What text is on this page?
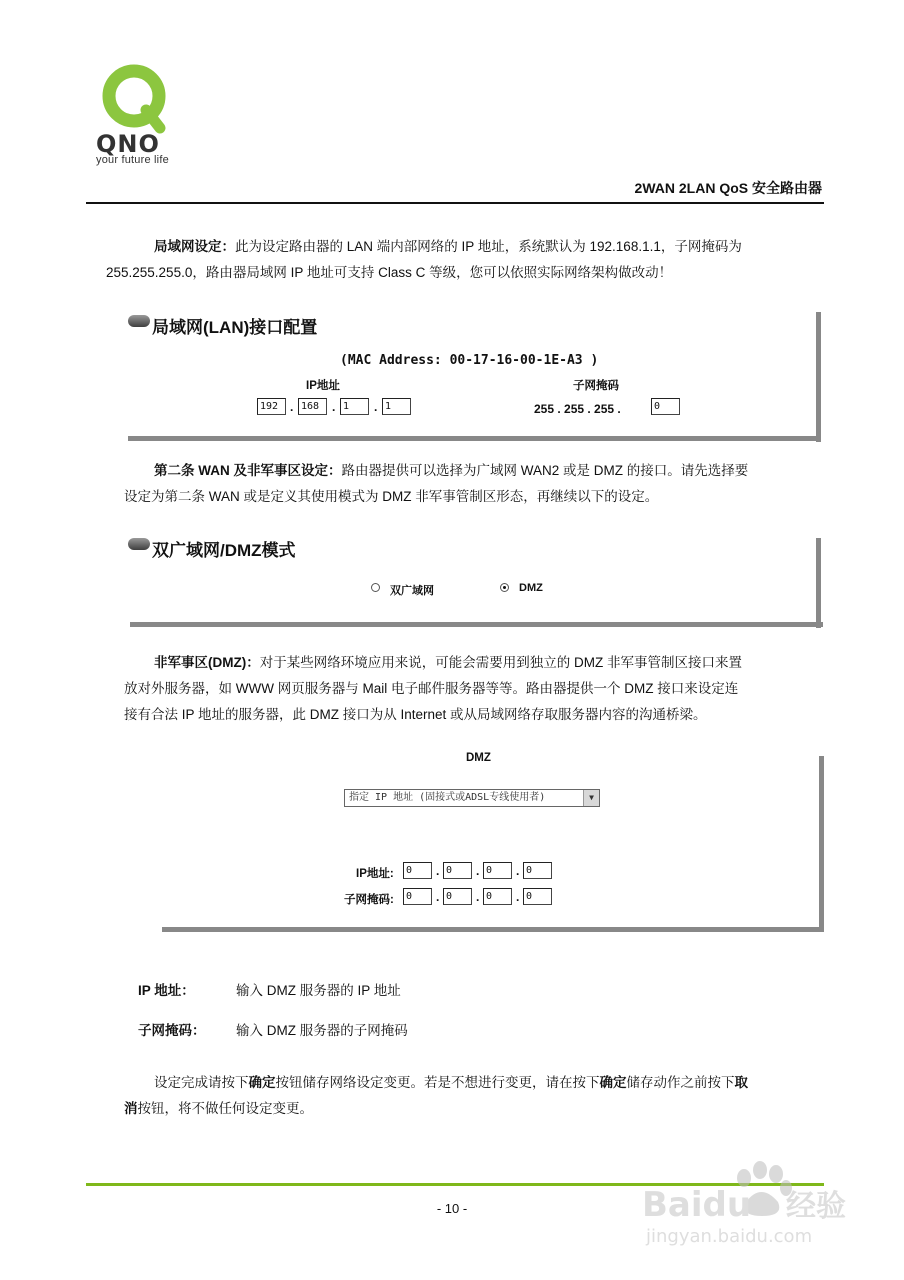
QNO
your future life
2WAN 2LAN QoS 安全路由器
局域网设定：此为设定路由器的 LAN 端内部网络的 IP 地址，系统默认为 192.168.1.1，子网掩码为
255.255.255.0，路由器局域网 IP 地址可支持 Class C 等级，您可以依照实际网络架构做改动！
局域网(LAN)接口配置
(MAC Address: 00-17-16-00-1E-A3 )
IP地址	子网掩码
192 . 168	. 1	. 1	255 . 255 . 255 .	0
第二条 WAN 及非军事区设定：路由器提供可以选择为广域网 WAN2 或是 DMZ 的接口。请先选择要
设定为第二条 WAN 或是定义其使用模式为 DMZ 非军事管制区形态，再继续以下的设定。
双广域网/DMZ模式
双广域网	DMZ
非军事区(DMZ)：对于某些网络环境应用来说，可能会需要用到独立的 DMZ 非军事管制区接口来置
放对外服务器，如 WWW 网页服务器与 Mail 电子邮件服务器等等。路由器提供一个 DMZ 接口来设定连
接有合法 IP 地址的服务器，此 DMZ 接口为从 Internet 或从局域网络存取服务器内容的沟通桥梁。
DMZ
指定 IP 地址 (固接式或ADSL专线使用者)	▼
IP地址:	0	. 0	. 0	. 0
子网掩码:	0	. 0	. 0	. 0
IP 地址：	输入 DMZ 服务器的 IP 地址
子网掩码： 输入 DMZ 服务器的子网掩码
设定完成请按下确定按钮储存网络设定变更。若是不想进行变更，请在按下确定储存动作之前按下取
消按钮，将不做任何设定变更。
- 10 -	Baidu 经验
jingyan.baidu.com
